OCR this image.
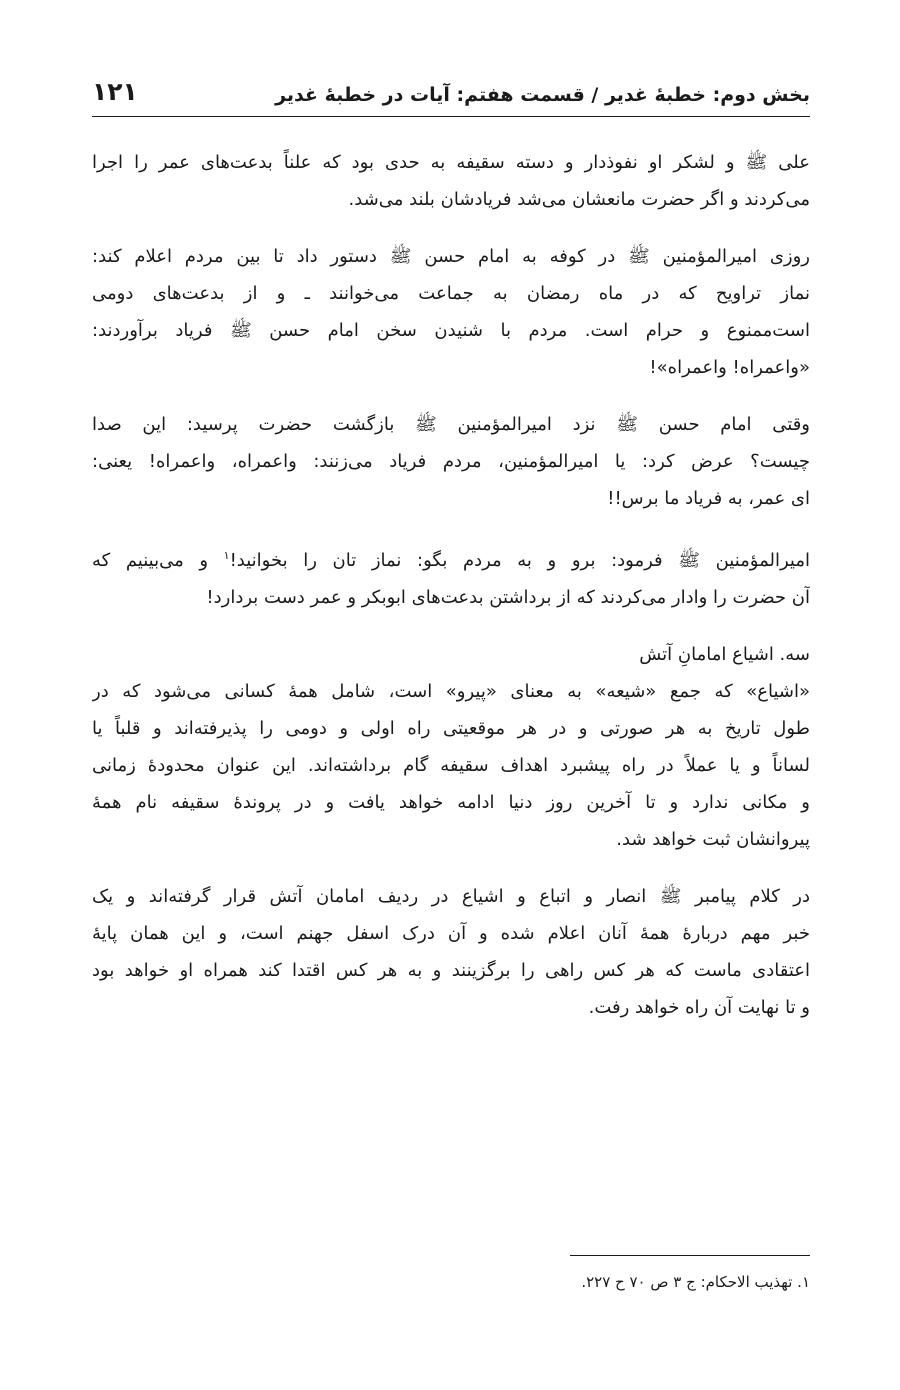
بخش دوم: خطبۀ غدیر / قسمت هفتم: آیات در خطبۀ غدیر
۱۲۱

علی ﷺ و لشکر او نفوذدار و دسته سقیفه به حدی بود که علناً بدعت‌های عمر را اجرا
می‌کردند و اگر حضرت مانعشان می‌شد فریادشان بلند می‌شد.

روزی امیرالمؤمنین ﷺ در کوفه به امام حسن ﷺ دستور داد تا بین مردم اعلام کند:
نماز تراویح که در ماه رمضان به جماعت می‌خوانند ـ و از بدعت‌های دومی
است‌ممنوع و حرام است. مردم با شنیدن سخن امام حسن ﷺ فریاد برآوردند:
«واعمراه! واعمراه»!

وقتی امام حسن ﷺ نزد امیرالمؤمنین ﷺ بازگشت حضرت پرسید: این صدا
چیست؟ عرض کرد: یا امیرالمؤمنین، مردم فریاد می‌زنند: واعمراه، واعمراه! یعنی:
ای عمر، به فریاد ما برس!!

امیرالمؤمنین ﷺ فرمود: برو و به مردم بگو: نماز تان را بخوانید!$^۱$ و می‌بینیم که
آن حضرت را وادار می‌کردند که از برداشتن بدعت‌های ابوبکر و عمر دست بردارد!

سه. اشیاع امامانِ آتش

«اشیاع» که جمع «شیعه» به معنای «پیرو» است، شامل همۀ کسانی می‌شود که در
طول تاریخ به هر صورتی و در هر موقعیتی راه اولی و دومی را پذیرفته‌اند و قلباً یا
لساناً و یا عملاً در راه پیشبرد اهداف سقیفه گام برداشته‌اند. این عنوان محدودۀ زمانی
و مکانی ندارد و تا آخرین روز دنیا ادامه خواهد یافت و در پروندۀ سقیفه نام همۀ
پیروانشان ثبت خواهد شد.

در کلام پیامبر ﷺ انصار و اتباع و اشیاع در ردیف امامان آتش قرار گرفته‌اند و یک
خبر مهم دربارۀ همۀ آنان اعلام شده و آن درک اسفل جهنم است، و این همان پایۀ
اعتقادی ماست که هر کس راهی را برگزینند و به هر کس اقتدا کند همراه او خواهد بود
و تا نهایت آن راه خواهد رفت.

۱. تهذیب الاحکام: ج ۳ ص ۷۰ ح ۲۲۷.
